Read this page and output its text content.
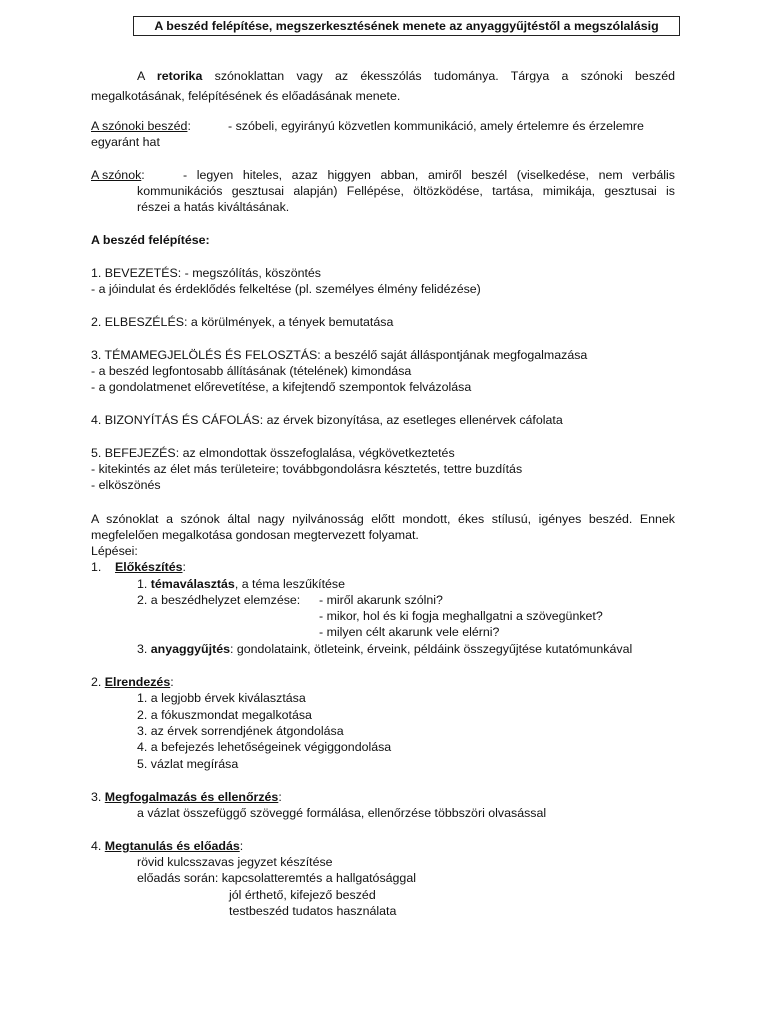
A beszéd felépítése, megszerkesztésének menete az anyaggyűjtéstől a megszólalásig
A retorika szónoklattan vagy az ékesszólás tudománya. Tárgya a szónoki beszéd
megalkotásának, felépítésének és előadásának menete.
A szónoki beszéd:	- szóbeli, egyirányú közvetlen kommunikáció, amely értelemre és érzelemre
egyaránt hat
A szónok:	- legyen hiteles, azaz higgyen abban, amiről beszél (viselkedése, nem verbális
kommunikációs gesztusai alapján) Fellépése, öltözködése, tartása, mimikája, gesztusai is
részei a hatás kiváltásának.
A beszéd felépítése:
1. BEVEZETÉS: - megszólítás, köszöntés
- a jóindulat és érdeklődés felkeltése (pl. személyes élmény felidézése)
2. ELBESZÉLÉS: a körülmények, a tények bemutatása
3. TÉMAMEGJELÖLÉS ÉS FELOSZTÁS: a beszélő saját álláspontjának megfogalmazása
- a beszéd legfontosabb állításának (tételének) kimondása
- a gondolatmenet előrevetítése, a kifejtendő szempontok felvázolása
4. BIZONYÍTÁS ÉS CÁFOLÁS: az érvek bizonyítása, az esetleges ellenérvek cáfolata
5. BEFEJEZÉS: az elmondottak összefoglalása, végkövetkeztetés
- kitekintés az élet más területeire; továbbgondolásra késztetés, tettre buzdítás
- elköszönés
A szónoklat a szónok által nagy nyilvánosság előtt mondott, ékes stílusú, igényes beszéd. Ennek
megfelelően megalkotása gondosan megtervezett folyamat.
Lépései:
1. Előkészítés:
1. témaválasztás, a téma leszűkítése
2. a beszédhelyzet elemzése: - miről akarunk szólni?
- mikor, hol és ki fogja meghallgatni a szövegünket?
- milyen célt akarunk vele elérni?
3. anyaggyűjtés: gondolataink, ötleteink, érveink, példáink összegyűjtése kutatómunkával
2. Elrendezés:
1. a legjobb érvek kiválasztása
2. a fókuszmondat megalkotása
3. az érvek sorrendjének átgondolása
4. a befejezés lehetőségeinek végiggondolása
5. vázlat megírása
3. Megfogalmazás és ellenőrzés:
a vázlat összefüggő szöveggé formálása, ellenőrzése többszöri olvasással
4. Megtanulás és előadás:
rövid kulcsszavas jegyzet készítése
előadás során: kapcsolatteremtés a hallgatósággal
jól érthető, kifejező beszéd
testbeszéd tudatos használata
